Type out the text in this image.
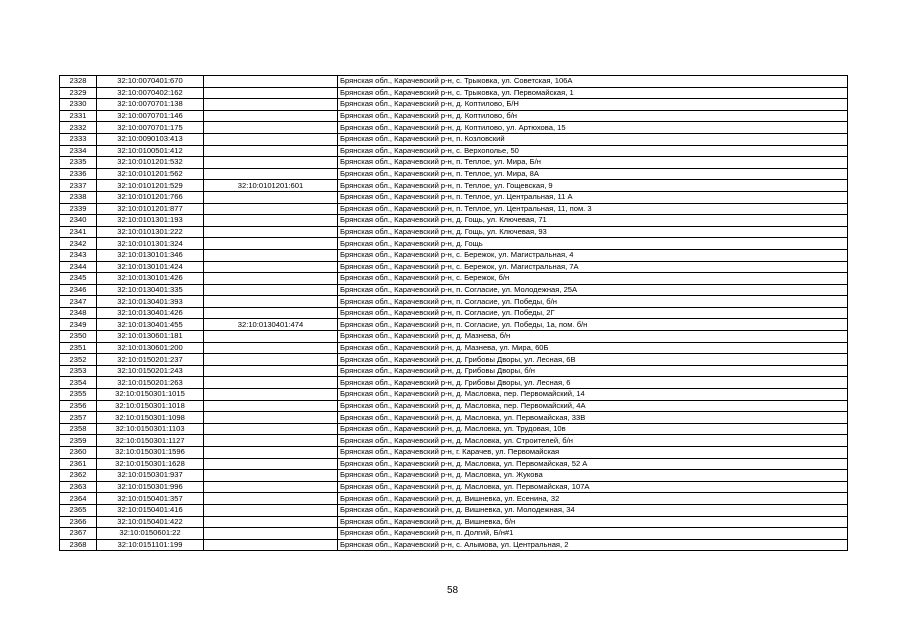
2328	32:10:0070401:670		Брянская обл., Карачевский р-н, с. Трыковка, ул. Советская, 106А
2329	32:10:0070402:162		Брянская обл., Карачевский р-н, с. Трыковка, ул. Первомайская, 1
2330	32:10:0070701:138		Брянская обл., Карачевский р-н, д. Коптилово, Б/Н
2331	32:10:0070701:146		Брянская обл., Карачевский р-н, д. Коптилово, б/н
2332	32:10:0070701:175		Брянская обл., Карачевский р-н, д. Коптилово, ул. Артюхова, 15
2333	32:10:0090103:413		Брянская обл., Карачевский р-н, п. Козловский
2334	32:10:0100501:412		Брянская обл., Карачевский р-н, с. Верхополье, 50
2335	32:10:0101201:532		Брянская обл., Карачевский р-н, п. Теплое, ул. Мира, Б/н
2336	32:10:0101201:562		Брянская обл., Карачевский р-н, п. Теплое, ул. Мира, 8А
2337	32:10:0101201:529	32:10:0101201:601	Брянская обл., Карачевский р-н, п. Теплое, ул. Гощевская, 9
2338	32:10:0101201:766		Брянская обл., Карачевский р-н, п. Теплое, ул. Центральная, 11 А
2339	32:10:0101201:877		Брянская обл., Карачевский р-н, п. Теплое, ул. Центральная, 11, пом. 3
2340	32:10:0101301:193		Брянская обл., Карачевский р-н, д. Гощь, ул. Ключевая, 71
2341	32:10:0101301:222		Брянская обл., Карачевский р-н, д. Гощь, ул. Ключевая, 93
2342	32:10:0101301:324		Брянская обл., Карачевский р-н, д. Гощь
2343	32:10:0130101:346		Брянская обл., Карачевский р-н, с. Бережок, ул. Магистральная, 4
2344	32:10:0130101:424		Брянская обл., Карачевский р-н, с. Бережок, ул. Магистральная, 7А
2345	32:10:0130101:426		Брянская обл., Карачевский р-н, с. Бережок, б/н
2346	32:10:0130401:335		Брянская обл., Карачевский р-н, п. Согласие, ул. Молодежная, 25А
2347	32:10:0130401:393		Брянская обл., Карачевский р-н, п. Согласие, ул. Победы, б/н
2348	32:10:0130401:426		Брянская обл., Карачевский р-н, п. Согласие, ул. Победы, 2Г
2349	32:10:0130401:455	32:10:0130401:474	Брянская обл., Карачевский р-н, п. Согласие, ул. Победы, 1а, пом. б/н
2350	32:10:0130601:181		Брянская обл., Карачевский р-н, д. Мазнева, б/н
2351	32:10:0130601:200		Брянская обл., Карачевский р-н, д. Мазнева, ул. Мира, 60Б
2352	32:10:0150201:237		Брянская обл., Карачевский р-н, д. Грибовы Дворы, ул. Лесная, 6В
2353	32:10:0150201:243		Брянская обл., Карачевский р-н, д. Грибовы Дворы, б/н
2354	32:10:0150201:263		Брянская обл., Карачевский р-н, д. Грибовы Дворы, ул. Лесная, 6
2355	32:10:0150301:1015		Брянская обл., Карачевский р-н, д. Масловка, пер. Первомайский, 14
2356	32:10:0150301:1018		Брянская обл., Карачевский р-н, д. Масловка, пер. Первомайский, 4А
2357	32:10:0150301:1098		Брянская обл., Карачевский р-н, д. Масловка, ул. Первомайская, 33В
2358	32:10:0150301:1103		Брянская обл., Карачевский р-н, д. Масловка, ул. Трудовая, 10в
2359	32:10:0150301:1127		Брянская обл., Карачевский р-н, д. Масловка, ул. Строителей, б/н
2360	32:10:0150301:1596		Брянская обл., Карачевский р-н, г. Карачев, ул. Первомайская
2361	32:10:0150301:1628		Брянская обл., Карачевский р-н, д. Масловка, ул. Первомайская, 52 А
2362	32:10:0150301:937		Брянская обл., Карачевский р-н, д. Масловка, ул. Жукова
2363	32:10:0150301:996		Брянская обл., Карачевский р-н, д. Масловка, ул. Первомайская, 107А
2364	32:10:0150401:357		Брянская обл., Карачевский р-н, д. Вишневка, ул. Есенина, 32
2365	32:10:0150401:416		Брянская обл., Карачевский р-н, д. Вишневка, ул. Молодежная, 34
2366	32:10:0150401:422		Брянская обл., Карачевский р-н, д. Вишневка, б/н
2367	32:10:0150601:22		Брянская обл., Карачевский р-н, п. Долгий, Б/н#1
2368	32:10:0151101:199		Брянская обл., Карачевский р-н, с. Алымова, ул. Центральная, 2
58
